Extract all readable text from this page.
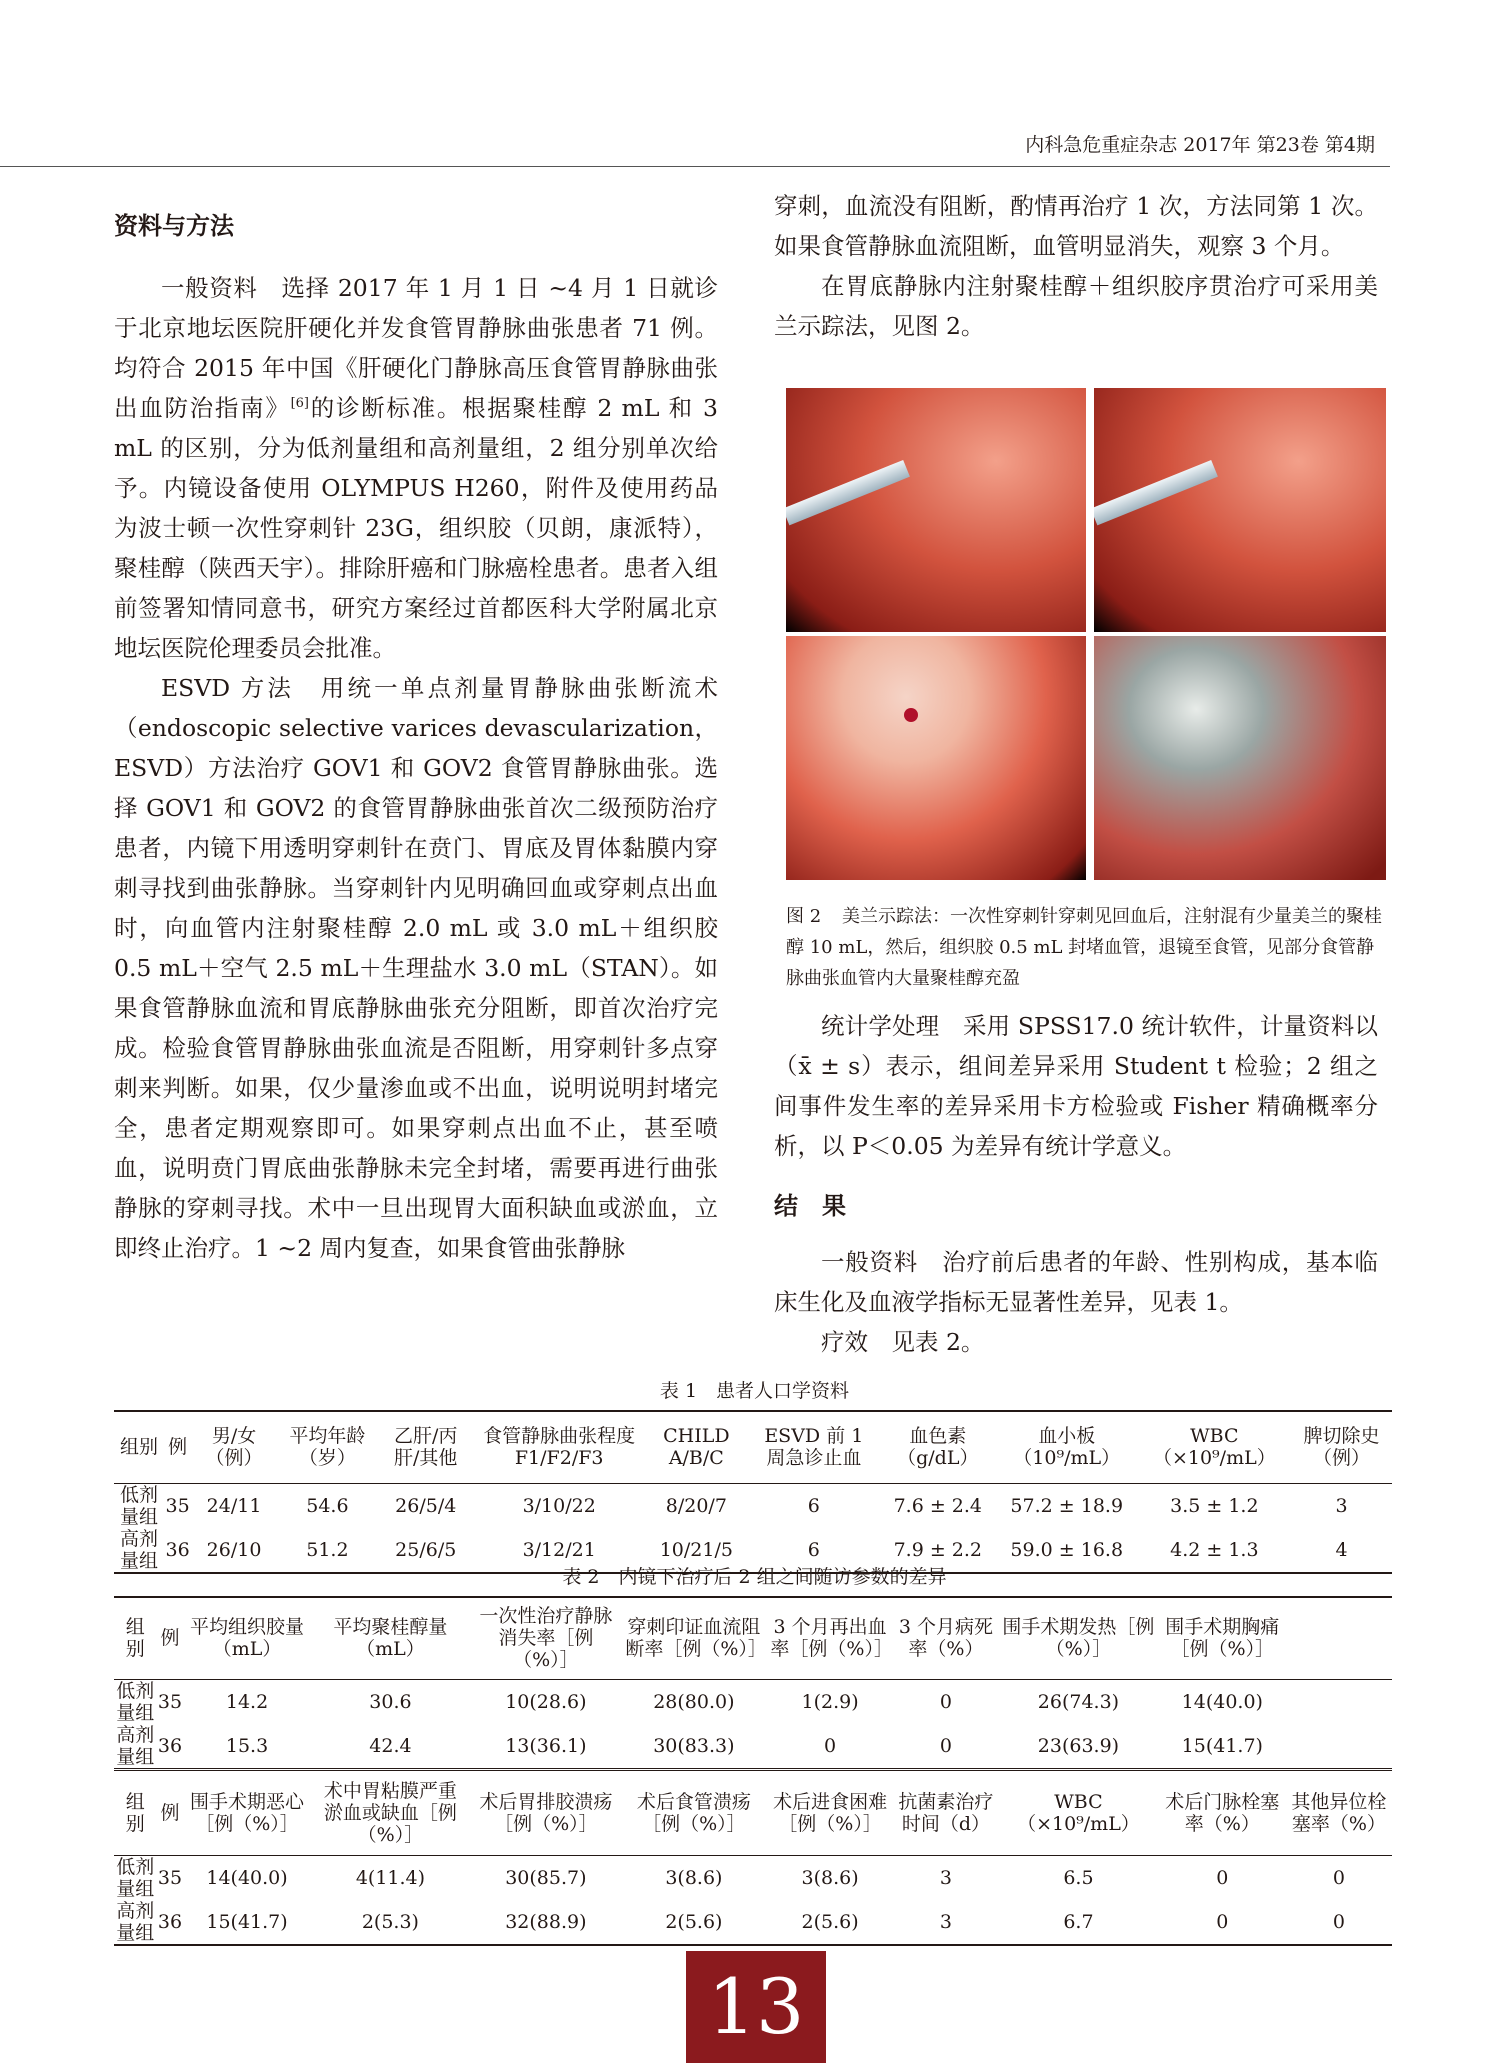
内科急危重症杂志 2017年 第23卷 第4期

资料与方法

一般资料　选择 2017 年 1 月 1 日 ~4 月 1 日就诊于北京地坛医院肝硬化并发食管胃静脉曲张患者 71 例。均符合 2015 年中国《肝硬化门静脉高压食管胃静脉曲张出血防治指南》[6]的诊断标准。根据聚桂醇 2 mL 和 3 mL 的区别，分为低剂量组和高剂量组，2 组分别单次给予。内镜设备使用 OLYMPUS H260，附件及使用药品为波士顿一次性穿刺针 23G，组织胶（贝朗，康派特），聚桂醇（陕西天宇）。排除肝癌和门脉癌栓患者。患者入组前签署知情同意书，研究方案经过首都医科大学附属北京地坛医院伦理委员会批准。

ESVD 方法　用统一单点剂量胃静脉曲张断流术（endoscopic selective varices devascularization，ESVD）方法治疗 GOV1 和 GOV2 食管胃静脉曲张。选择 GOV1 和 GOV2 的食管胃静脉曲张首次二级预防治疗患者，内镜下用透明穿刺针在贲门、胃底及胃体黏膜内穿刺寻找到曲张静脉。当穿刺针内见明确回血或穿刺点出血时，向血管内注射聚桂醇 2.0 mL 或 3.0 mL＋组织胶 0.5 mL＋空气 2.5 mL＋生理盐水 3.0 mL（STAN）。如果食管静脉血流和胃底静脉曲张充分阻断，即首次治疗完成。检验食管胃静脉曲张血流是否阻断，用穿刺针多点穿刺来判断。如果，仅少量渗血或不出血，说明说明封堵完全，患者定期观察即可。如果穿刺点出血不止，甚至喷血，说明贲门胃底曲张静脉未完全封堵，需要再进行曲张静脉的穿刺寻找。术中一旦出现胃大面积缺血或淤血，立即终止治疗。1 ~2 周内复查，如果食管曲张静脉

穿刺，血流没有阻断，酌情再治疗 1 次，方法同第 1 次。如果食管静脉血流阻断，血管明显消失，观察 3 个月。

在胃底静脉内注射聚桂醇＋组织胶序贯治疗可采用美兰示踪法，见图 2。

图 2 美兰示踪法：一次性穿刺针穿刺见回血后，注射混有少量美兰的聚桂醇 10 mL，然后，组织胶 0.5 mL 封堵血管，退镜至食管，见部分食管静脉曲张血管内大量聚桂醇充盈

统计学处理　采用 SPSS17.0 统计软件，计量资料以（x̄ ± s）表示，组间差异采用 Student t 检验；2 组之间事件发生率的差异采用卡方检验或 Fisher 精确概率分析，以 P＜0.05 为差异有统计学意义。

结　果

一般资料　治疗前后患者的年龄、性别构成，基本临床生化及血液学指标无显著性差异，见表 1。

疗效　见表 2。

表 1　患者人口学资料
组别	例	男/女（例）	平均年龄（岁）	乙肝/丙肝/其他	食管静脉曲张程度 F1/F2/F3	CHILD A/B/C	ESVD 前 1 周急诊止血	血色素（g/dL）	血小板（10⁹/mL）	WBC（×10⁹/mL）	脾切除史（例）
低剂量组	35	24/11	54.6	26/5/4	3/10/22	8/20/7	6	7.6 ± 2.4	57.2 ± 18.9	3.5 ± 1.2	3
高剂量组	36	26/10	51.2	25/6/5	3/12/21	10/21/5	6	7.9 ± 2.2	59.0 ± 16.8	4.2 ± 1.3	4
表 2　内镜下治疗后 2 组之间随访参数的差异
组别	例	平均组织胶量（mL）	平均聚桂醇量（mL）	一次性治疗静脉消失率［例（%）］	穿刺印证血流阻断率［例（%）］	3 个月再出血率［例（%）］	3 个月病死率（%）	围手术期发热［例（%）］	围手术期胸痛［例（%）］	
低剂量组	35	14.2	30.6	10(28.6)	28(80.0)	1(2.9)	0	26(74.3)	14(40.0)	
高剂量组	36	15.3	42.4	13(36.1)	30(83.3)	0	0	23(63.9)	15(41.7)	
组别	例	围手术期恶心［例（%）］	术中胃粘膜严重淤血或缺血［例（%）］	术后胃排胶溃疡［例（%）］	术后食管溃疡［例（%）］	术后进食困难［例（%）］	抗菌素治疗时间（d）	WBC（×10⁹/mL）	术后门脉栓塞率（%）	其他异位栓塞率（%）
低剂量组	35	14(40.0)	4(11.4)	30(85.7)	3(8.6)	3(8.6)	3	6.5	0	0
高剂量组	36	15(41.7)	2(5.3)	32(88.9)	2(5.6)	2(5.6)	3	6.7	0	0
13
